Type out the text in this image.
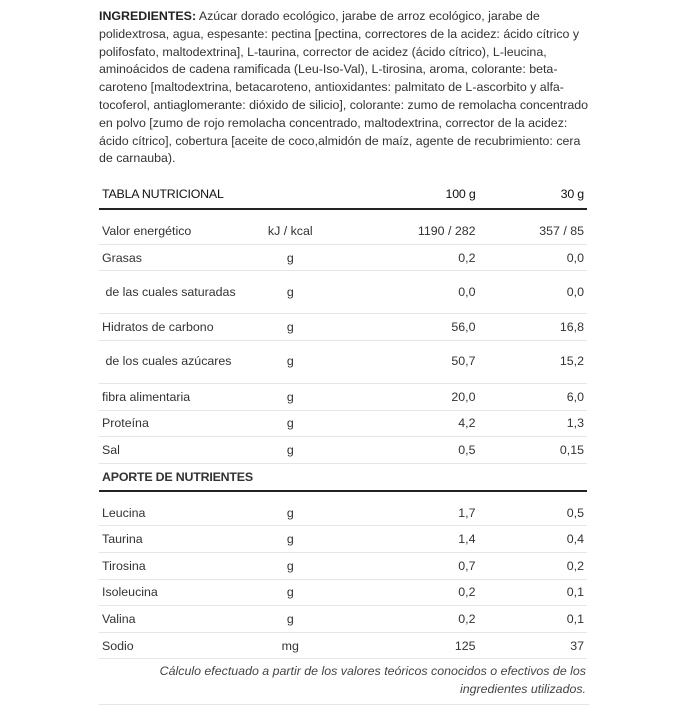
INGREDIENTES: Azúcar dorado ecológico, jarabe de arroz ecológico, jarabe de polidextrosa, agua, espesante: pectina [pectina, correctores de la acidez: ácido cítrico y polifosfato, maltodextrina], L-taurina, corrector de acidez (ácido cítrico), L-leucina, aminoácidos de cadena ramificada (Leu-Iso-Val), L-tirosina, aroma, colorante: beta-caroteno [maltodextrina, betacaroteno, antioxidantes: palmitato de L-ascorbito y alfa-tocoferol, antiaglomerante: dióxido de silicio], colorante: zumo de remolacha concentrado en polvo [zumo de rojo remolacha concentrado, maltodextrina, corrector de la acidez: ácido cítrico], cobertura [aceite de coco,almidón de maíz, agente de recubrimiento: cera de carnauba).

TABLA NUTRICIONAL		100 g	30 g

Valor energético	kJ / kcal	1190 / 282	357 / 85
Grasas	g	0,2	0,0
de las cuales saturadas	g	0,0	0,0
Hidratos de carbono	g	56,0	16,8
de los cuales azúcares	g	50,7	15,2
fibra alimentaria	g	20,0	6,0
Proteína	g	4,2	1,3
Sal	g	0,5	0,15
APORTE DE NUTRIENTES			

Leucina	g	1,7	0,5
Taurina	g	1,4	0,4
Tirosina	g	0,7	0,2
Isoleucina	g	0,2	0,1
Valina	g	0,2	0,1
Sodio	mg	125	37
Cálculo efectuado a partir de los valores teóricos conocidos o efectivos de los ingredientes utilizados.
